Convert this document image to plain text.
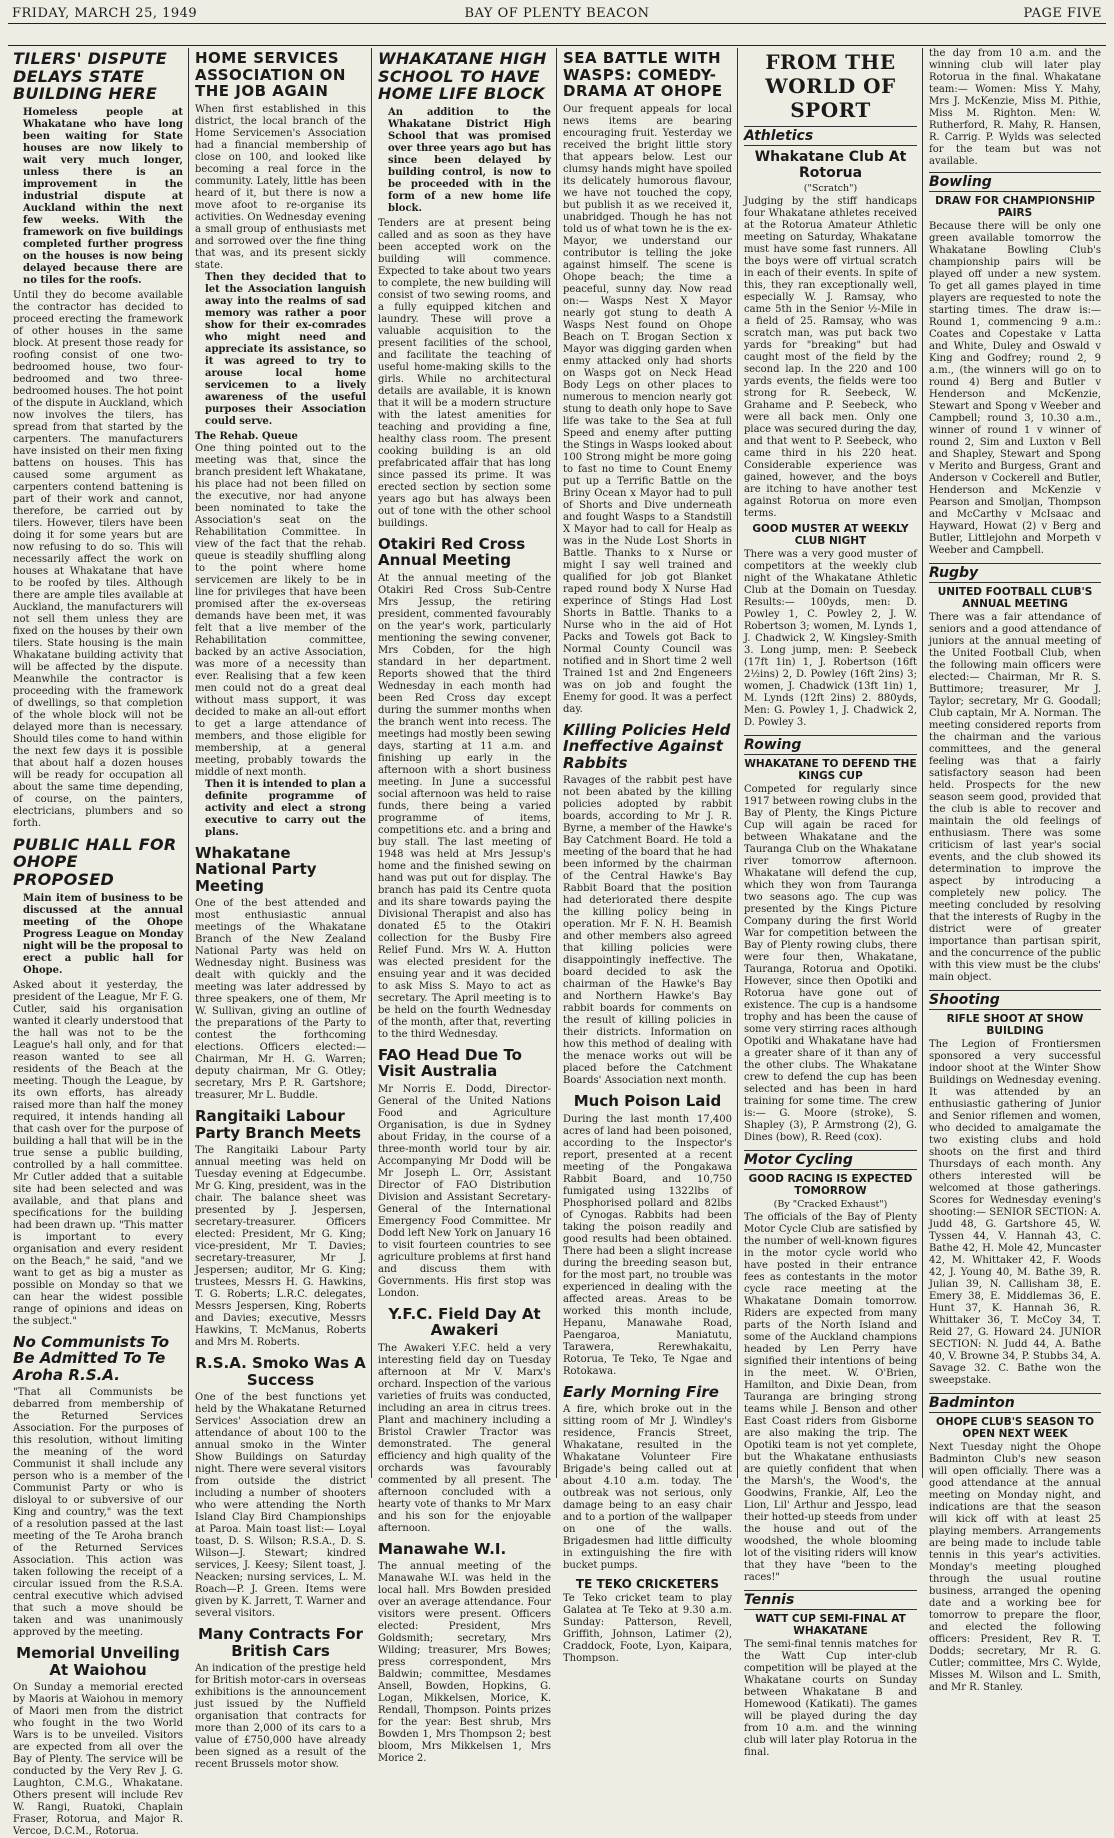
FRIDAY, MARCH 25, 1949	BAY OF PLENTY BEACON	PAGE FIVE
TILERS' DISPUTE DELAYS STATE BUILDING HERE

Homeless people at Whakatane who have long been waiting for State houses are now likely to wait very much longer, unless there is an improvement in the industrial dispute at Auckland within the next few weeks. With the framework on five buildings completed further progress on the houses is now being delayed because there are no tiles for the roofs.

Until they do become available the contractor has decided to proceed erecting the framework of other houses in the same block. At present those ready for roofing consist of one two-bedroomed house, two four-bedroomed and two three-bedroomed houses. The hot point of the dispute in Auckland, which now involves the tilers, has spread from that started by the carpenters. The manufacturers have insisted on their men fixing battens on houses. This has caused some argument as carpenters contend battening is part of their work and cannot, therefore, be carried out by tilers. However, tilers have been doing it for some years but are now refusing to do so. This will necessarily affect the work on houses at Whakatane that have to be roofed by tiles. Although there are ample tiles available at Auckland, the manufacturers will not sell them unless they are fixed on the houses by their own tilers. State housing is the main Whakatane building activity that will be affected by the dispute. Meanwhile the contractor is proceeding with the framework of dwellings, so that completion of the whole block will not be delayed more than is necessary. Should tiles come to hand within the next few days it is possible that about half a dozen houses will be ready for occupation all about the same time depending, of course, on the painters, electricians, plumbers and so forth.

PUBLIC HALL FOR OHOPE PROPOSED

Main item of business to be discussed at the annual meeting of the Ohope Progress League on Monday night will be the proposal to erect a public hall for Ohope.

Asked about it yesterday, the president of the League, Mr F. G. Cutler, said his organisation wanted it clearly understood that the hall was not to be the League's hall only, and for that reason wanted to see all residents of the Beach at the meeting. Though the League, by its own efforts, has already raised more than half the money required, it intends handing all that cash over for the purpose of building a hall that will be in the true sense a public building, controlled by a hall committee. Mr Cutler added that a suitable site had been selected and was available, and that plans and specifications for the building had been drawn up. "This matter is important to every organisation and every resident on the Beach," he said, "and we want to get as big a muster as possible on Monday so that we can hear the widest possible range of opinions and ideas on the subject."

No Communists To Be Admitted To Te Aroha R.S.A.

"That all Communists be debarred from membership of the Returned Services Association. For the purposes of this resolution, without limiting the meaning of the word Communist it shall include any person who is a member of the Communist Party or who is disloyal to or subversive of our King and country," was the text of a resolution passed at the last meeting of the Te Aroha branch of the Returned Services Association. This action was taken following the receipt of a circular issued from the R.S.A. central executive which advised that such a move should be taken and was unanimously approved by the meeting.

Memorial Unveiling At Waiohou

On Sunday a memorial erected by Maoris at Waiohou in memory of Maori men from the district who fought in the two World Wars is to be unveiled. Visitors are expected from all over the Bay of Plenty. The service will be conducted by the Very Rev J. G. Laughton, C.M.G., Whakatane. Others present will include Rev W. Rangi, Ruatoki, Chaplain Fraser, Rotorua, and Major R. Vercoe, D.C.M., Rotorua.

HOME SERVICES ASSOCIATION ON THE JOB AGAIN

When first established in this district, the local branch of the Home Servicemen's Association had a financial membership of close on 100, and looked like becoming a real force in the community. Lately, little has been heard of it, but there is now a move afoot to re-organise its activities. On Wednesday evening a small group of enthusiasts met and sorrowed over the fine thing that was, and its present sickly state.

Then they decided that to let the Association languish away into the realms of sad memory was rather a poor show for their ex-comrades who might need and appreciate its assistance, so it was agreed to try to arouse local home servicemen to a lively awareness of the useful purposes their Association could serve.

The Rehab. Queue

One thing pointed out to the meeting was that, since the branch president left Whakatane, his place had not been filled on the executive, nor had anyone been nominated to take the Association's seat on the Rehabilitation Committee. In view of the fact that the rehab. queue is steadily shuffling along to the point where home servicemen are likely to be in line for privileges that have been promised after the ex-overseas demands have been met, it was felt that a live member of the Rehabilitation committee, backed by an active Association, was more of a necessity than ever. Realising that a few keen men could not do a great deal without mass support, it was decided to make an all-out effort to get a large attendance of members, and those eligible for membership, at a general meeting, probably towards the middle of next month.

Then it is intended to plan a definite programme of activity and elect a strong executive to carry out the plans.

Whakatane National Party Meeting

One of the best attended and most enthusiastic annual meetings of the Whakatane Branch of the New Zealand National Party was held on Wednesday night. Business was dealt with quickly and the meeting was later addressed by three speakers, one of them, Mr W. Sullivan, giving an outline of the preparations of the Party to contest the forthcoming elections. Officers elected:— Chairman, Mr H. G. Warren; deputy chairman, Mr G. Otley; secretary, Mrs P. R. Gartshore; treasurer, Mr L. Buddle.

Rangitaiki Labour Party Branch Meets

The Rangitaiki Labour Party annual meeting was held on Tuesday evening at Edgecumbe. Mr G. King, president, was in the chair. The balance sheet was presented by J. Jespersen, secretary-treasurer. Officers elected: President, Mr G. King; vice-president, Mr T. Davies; secretary-treasurer, Mr J. Jespersen; auditor, Mr G. King; trustees, Messrs H. G. Hawkins, T. G. Roberts; L.R.C. delegates, Messrs Jespersen, King, Roberts and Davies; executive, Messrs Hawkins, T. McManus, Roberts and Mrs M. Roberts.

R.S.A. Smoko Was A Success

One of the best functions yet held by the Whakatane Returned Services' Association drew an attendance of about 100 to the annual smoko in the Winter Show Buildings on Saturday night. There were several visitors from outside the district including a number of shooters who were attending the North Island Clay Bird Championships at Paroa. Main toast list:— Loyal toast, D. S. Wilson; R.S.A., D. S. Wilson—J. Stewart; kindred services, J. Keesy; Silent toast, J. Neacken; nursing services, L. M. Roach—P. J. Green. Items were given by K. Jarrett, T. Warner and several visitors.

Many Contracts For British Cars

An indication of the prestige held for British motor-cars in overseas exhibitions is the announcement just issued by the Nuffield organisation that contracts for more than 2,000 of its cars to a value of £750,000 have already been signed as a result of the recent Brussels motor show.

WHAKATANE HIGH SCHOOL TO HAVE HOME LIFE BLOCK

An addition to the Whakatane District High School that was promised over three years ago but has since been delayed by building control, is now to be proceeded with in the form of a new home life block.

Tenders are at present being called and as soon as they have been accepted work on the building will commence. Expected to take about two years to complete, the new building will consist of two sewing rooms, and a fully equipped kitchen and laundry. These will prove a valuable acquisition to the present facilities of the school, and facilitate the teaching of useful home-making skills to the girls. While no architectural details are available, it is known that it will be a modern structure with the latest amenities for teaching and providing a fine, healthy class room. The present cooking building is an old prefabricated affair that has long since passed its prime. It was erected section by section some years ago but has always been out of tone with the other school buildings.

Otakiri Red Cross Annual Meeting

At the annual meeting of the Otakiri Red Cross Sub-Centre Mrs Jessup, the retiring president, commented favourably on the year's work, particularly mentioning the sewing convener, Mrs Cobden, for the high standard in her department. Reports showed that the third Wednesday in each month had been Red Cross day except during the summer months when the branch went into recess. The meetings had mostly been sewing days, starting at 11 a.m. and finishing up early in the afternoon with a short business meeting. In June a successful social afternoon was held to raise funds, there being a varied programme of items, competitions etc. and a bring and buy stall. The last meeting of 1948 was held at Mrs Jessup's home and the finished sewing on hand was put out for display. The branch has paid its Centre quota and its share towards paying the Divisional Therapist and also has donated £5 to the Otakiri collection for the Busby Fire Relief Fund. Mrs W. A. Hutton was elected president for the ensuing year and it was decided to ask Miss S. Mayo to act as secretary. The April meeting is to be held on the fourth Wednesday of the month, after that, reverting to the third Wednesday.

FAO Head Due To Visit Australia

Mr Norris E. Dodd, Director-General of the United Nations Food and Agriculture Organisation, is due in Sydney about Friday, in the course of a three-month world tour by air. Accompanying Mr Dodd will be Mr Joseph L. Orr, Assistant Director of FAO Distribution Division and Assistant Secretary-General of the International Emergency Food Committee. Mr Dodd left New York on January 16 to visit fourteen countries to see agriculture problems at first hand and discuss them with Governments. His first stop was London.

Y.F.C. Field Day At Awakeri

The Awakeri Y.F.C. held a very interesting field day on Tuesday afternoon at Mr V. Marx's orchard. Inspection of the various varieties of fruits was conducted, including an area in citrus trees. Plant and machinery including a Bristol Crawler Tractor was demonstrated. The general efficiency and high quality of the orchards was favourably commented by all present. The afternoon concluded with a hearty vote of thanks to Mr Marx and his son for the enjoyable afternoon.

Manawahe W.I.

The annual meeting of the Manawahe W.I. was held in the local hall. Mrs Bowden presided over an average attendance. Four visitors were present. Officers elected: President, Mrs Goldsmith; secretary, Mrs Wilding; treasurer, Mrs Bowes; press correspondent, Mrs Baldwin; committee, Mesdames Ansell, Bowden, Hopkins, G. Logan, Mikkelsen, Morice, K. Rendall, Thompson. Points prizes for the year: Best shrub, Mrs Bowden 1, Mrs Thompson 2; best bloom, Mrs Mikkelsen 1, Mrs Morice 2.

SEA BATTLE WITH WASPS: COMEDY-DRAMA AT OHOPE

Our frequent appeals for local news items are bearing encouraging fruit. Yesterday we received the bright little story that appears below. Lest our clumsy hands might have spoiled its delicately humorous flavour, we have not touched the copy, but publish it as we received it, unabridged. Though he has not told us of what town he is the ex-Mayor, we understand our contributor is telling the joke against himself. The scene is Ohope beach; the time a peaceful, sunny day. Now read on:— Wasps Nest X Mayor nearly got stung to death A Wasps Nest found on Ohope Beach on T. Brogan Section x Mayor was digging garden when enmy attacked only had shorts on Wasps got on Neck Head Body Legs on other places to numerous to mencion nearly got stung to death only hope to Save life was take to the Sea at full Speed and enemy after putting the Stings in Wasps looked about 100 Strong might be more going to fast no time to Count Enemy put up a Terrific Battle on the Briny Ocean x Mayor had to pull of Shorts and Dive underneath and fought Wasps to a Standstill X Mayor had to call for Healp as was in the Nude Lost Shorts in Battle. Thanks to x Nurse or might I say well trained and qualified for job got Blanket raped round body X Nurse Had experince of Stings Had Lost Shorts in Battle. Thanks to a Nurse who in the aid of Hot Packs and Towels got Back to Normal County Council was notified and in Short time 2 well Trained 1st and 2nd Engeneers was on job and fought the Enemy for good. It was a perfect day.

Killing Policies Held Ineffective Against Rabbits

Ravages of the rabbit pest have not been abated by the killing policies adopted by rabbit boards, according to Mr J. R. Byrne, a member of the Hawke's Bay Catchment Board. He told a meeting of the board that he had been informed by the chairman of the Central Hawke's Bay Rabbit Board that the position had deteriorated there despite the killing policy being in operation. Mr F. N. H. Beamish and other members also agreed that killing policies were disappointingly ineffective. The board decided to ask the chairman of the Hawke's Bay and Northern Hawke's Bay rabbit boards for comments on the result of killing policies in their districts. Information on how this method of dealing with the menace works out will be placed before the Catchment Boards' Association next month.

Much Poison Laid

During the last month 17,400 acres of land had been poisoned, according to the Inspector's report, presented at a recent meeting of the Pongakawa Rabbit Board, and 10,750 fumigated using 1322lbs of Phosphorised pollard and 82lbs of Cynogas. Rabbits had been taking the poison readily and good results had been obtained. There had been a slight increase during the breeding season but, for the most part, no trouble was experienced in dealing with the affected areas. Areas to be worked this month include, Hepanu, Manawahe Road, Paengaroa, Maniatutu, Tarawera, Rerewhakaitu, Rotorua, Te Teko, Te Ngae and Rotokawa.

Early Morning Fire

A fire, which broke out in the sitting room of Mr J. Windley's residence, Francis Street, Whakatane, resulted in the Whakatane Volunteer Fire Brigade's being called out at about 4.10 a.m. today. The outbreak was not serious, only damage being to an easy chair and to a portion of the wallpaper on one of the walls. Brigadesmen had little difficulty in extinguishing the fire with bucket pumps.

TE TEKO CRICKETERS

Te Teko cricket team to play Galatea at Te Teko at 9.30 a.m. Sunday: Patterson, Revell, Griffith, Johnson, Latimer (2), Craddock, Foote, Lyon, Kaipara, Thompson.

FROM THE WORLD OF SPORT
Athletics
Whakatane Club At Rotorua
("Scratch")

Judging by the stiff handicaps four Whakatane athletes received at the Rotorua Amateur Athletic meeting on Saturday, Whakatane must have some fast runners. All the boys were off virtual scratch in each of their events. In spite of this, they ran exceptionally well, especially W. J. Ramsay, who came 5th in the Senior ½-Mile in a field of 25. Ramsay, who was scratch man, was put back two yards for "breaking" but had caught most of the field by the second lap. In the 220 and 100 yards events, the fields were too strong for R. Seebeck, W. Grahame and P. Seebeck, who were all back men. Only one place was secured during the day, and that went to P. Seebeck, who came third in his 220 heat. Considerable experience was gained, however, and the boys are itching to have another test against Rotorua on more even terms.

GOOD MUSTER AT WEEKLY CLUB NIGHT

There was a very good muster of competitors at the weekly club night of the Whakatane Athletic Club at the Domain on Tuesday. Results:— 100yds, men: D. Powley 1, C. Powley 2, J. W. Robertson 3; women, M. Lynds 1, J. Chadwick 2, W. Kingsley-Smith 3. Long jump, men: P. Seebeck (17ft 1in) 1, J. Robertson (16ft 2½ins) 2, D. Powley (16ft 2ins) 3; women, J. Chadwick (13ft 1in) 1, M. Lynds (12ft 2ins) 2. 880yds, Men: G. Powley 1, J. Chadwick 2, D. Powley 3.

Rowing
WHAKATANE TO DEFEND THE KINGS CUP

Competed for regularly since 1917 between rowing clubs in the Bay of Plenty, the Kings Picture Cup will again be raced for between Whakatane and the Tauranga Club on the Whakatane river tomorrow afternoon. Whakatane will defend the cup, which they won from Tauranga two seasons ago. The cup was presented by the Kings Picture Company during the first World War for competition between the Bay of Plenty rowing clubs, there were four then, Whakatane, Tauranga, Rotorua and Opotiki. However, since then Opotiki and Rotorua have gone out of existence. The cup is a handsome trophy and has been the cause of some very stirring races although Opotiki and Whakatane have had a greater share of it than any of the other clubs. The Whakatane crew to defend the cup has been selected and has been in hard training for some time. The crew is:— G. Moore (stroke), S. Shapley (3), P. Armstrong (2), G. Dines (bow), R. Reed (cox).

Motor Cycling
GOOD RACING IS EXPECTED TOMORROW
(By "Cracked Exhaust")

The officials of the Bay of Plenty Motor Cycle Club are satisfied by the number of well-known figures in the motor cycle world who have posted in their entrance fees as contestants in the motor cycle race meeting at the Whakatane Domain tomorrow. Riders are expected from many parts of the North Island and some of the Auckland champions headed by Len Perry have signified their intentions of being in the meet. W. O'Brien, Hamilton, and Dixie Dean, from Tauranga are bringing strong teams while J. Benson and other East Coast riders from Gisborne are also making the trip. The Opotiki team is not yet complete, but the Whakatane enthusiasts are quietly confident that when the Marsh's, the Wood's, the Goodwins, Frankie, Alf, Leo the Lion, Lil' Arthur and Jesspo, lead their hotted-up steeds from under the house and out of the woodshed, the whole blooming lot of the visiting riders will know that they have "been to the races!"

Tennis
WATT CUP SEMI-FINAL AT WHAKATANE

The semi-final tennis matches for the Watt Cup inter-club competition will be played at the Whakatane courts on Sunday between Whakatane B and Homewood (Katikati). The games will be played during the day from 10 a.m. and the winning club will later play Rotorua in the final.

the day from 10 a.m. and the winning club will later play Rotorua in the final. Whakatane team:— Women: Miss Y. Mahy, Mrs J. McKenzie, Miss M. Pithie, Miss M. Righton. Men: W. Rutherford, R. Mahy, R. Hansen, R. Carrig. P. Wylds was selected for the team but was not available.

Bowling
DRAW FOR CHAMPIONSHIP PAIRS

Because there will be only one green available tomorrow the Whakatane Bowling Club's championship pairs will be played off under a new system. To get all games played in time players are requested to note the starting times. The draw is:— Round 1, commencing 9 a.m.: Coates and Copestake v Latta and White, Duley and Oswald v King and Godfrey; round 2, 9 a.m., (the winners will go on to round 4) Berg and Butler v Henderson and McKenzie, Stewart and Spong v Weeber and Campbell; round 3, 10.30 a.m., winner of round 1 v winner of round 2, Sim and Luxton v Bell and Shapley, Stewart and Spong v Merito and Burgess, Grant and Anderson v Cockerell and Butler, Henderson and McKenzie v Pearson and Smoljan, Thompson and McCarthy v McIsaac and Hayward, Howat (2) v Berg and Butler, Littlejohn and Morpeth v Weeber and Campbell.

Rugby
UNITED FOOTBALL CLUB'S ANNUAL MEETING

There was a fair attendance of seniors and a good attendance of juniors at the annual meeting of the United Football Club, when the following main officers were elected:— Chairman, Mr R. S. Buttimore; treasurer, Mr J. Taylor; secretary, Mr G. Goodall; Club captain, Mr A. Norman. The meeting considered reports from the chairman and the various committees, and the general feeling was that a fairly satisfactory season had been held. Prospects for the new season seem good, provided that the club is able to recover and maintain the old feelings of enthusiasm. There was some criticism of last year's social events, and the club showed its determination to improve the aspect by introducing a completely new policy. The meeting concluded by resolving that the interests of Rugby in the district were of greater importance than partisan spirit, and the concurrence of the public with this view must be the clubs' main object.

Shooting
RIFLE SHOOT AT SHOW BUILDING

The Legion of Frontiersmen sponsored a very successful indoor shoot at the Winter Show Buildings on Wednesday evening. It was attended by an enthusiastic gathering of Junior and Senior riflemen and women, who decided to amalgamate the two existing clubs and hold shoots on the first and third Thursdays of each month. Any others interested will be welcomed at those gatherings. Scores for Wednesday evening's shooting:— SENIOR SECTION: A. Judd 48, G. Gartshore 45, W. Tyssen 44, V. Hannah 43, C. Bathe 42, H. Mole 42, Muncaster 42, M. Whittaker 42, F. Woods 42, J. Young 40, M. Bathe 39, R. Julian 39, N. Callisham 38, E. Emery 38, E. Middlemas 36, E. Hunt 37, K. Hannah 36, R. Whittaker 36, T. McCoy 34, T. Reid 27, G. Howard 24. JUNIOR SECTION: N. Judd 44, A. Bathe 40, V. Browne 34, P. Stubbs 34, A. Savage 32. C. Bathe won the sweepstake.

Badminton
OHOPE CLUB'S SEASON TO OPEN NEXT WEEK

Next Tuesday night the Ohope Badminton Club's new season will open officially. There was a good attendance at the annual meeting on Monday night, and indications are that the season will kick off with at least 25 playing members. Arrangements are being made to include table tennis in this year's activities. Monday's meeting ploughed through the usual routine business, arranged the opening date and a working bee for tomorrow to prepare the floor, and elected the following officers: President, Rev R. T. Dodds; secretary, Mr R. G. Cutler; committee, Mrs C. Wylde, Misses M. Wilson and L. Smith, and Mr R. Stanley.
